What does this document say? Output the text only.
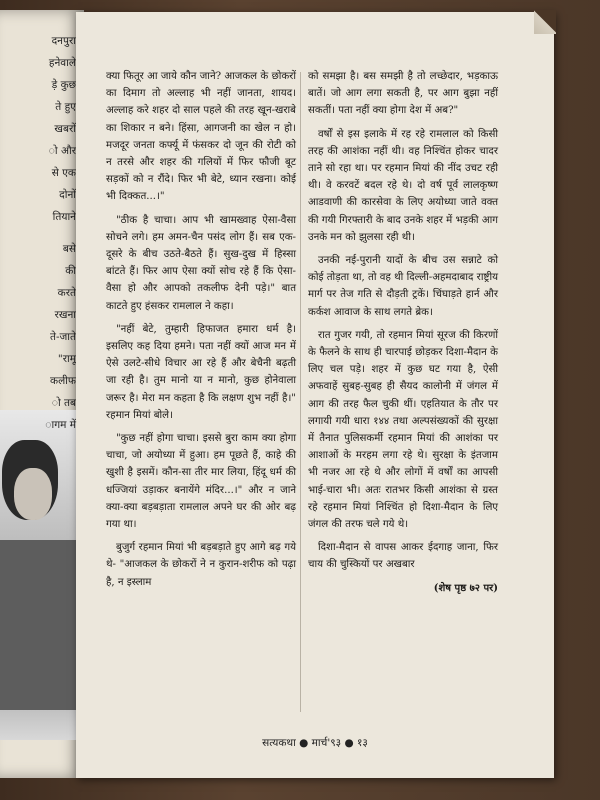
दनपुरा
हनेवाले
ड़े कुछ
ते हुए
खबरों
ो और
से एक
दोनों
तियाने
बसे
की
करते
रखना
ते-जाते
"रामू
कलीफ
ो तब
ागम में

क्या फितूर आ जाये कौन जाने? आजकल के छोकरों का दिमाग तो अल्लाह भी नहीं जानता, शायद। अल्लाह करे शहर दो साल पहले की तरह खून-खराबे का शिकार न बने। हिंसा, आगजनी का खेल न हो। मजदूर जनता कर्फ्यू में फंसकर दो जून की रोटी को न तरसे और शहर की गलियों में फिर फौजी बूट सड़कों को न रौंदे। फिर भी बेटे, ध्यान रखना। कोई भी दिक्कत...।"

"ठीक है चाचा। आप भी खामख्वाह ऐसा-वैसा सोचने लगे। हम अमन-चैन पसंद लोग हैं। सब एक-दूसरे के बीच उठते-बैठते हैं। सुख-दुख में हिस्सा बांटते हैं। फिर आप ऐसा क्यों सोच रहे हैं कि ऐसा-वैसा हो और आपको तकलीफ देनी पड़े।" बात काटते हुए हंसकर रामलाल ने कहा।

"नहीं बेटे, तुम्हारी हिफाजत हमारा धर्म है। इसलिए कह दिया हमने। पता नहीं क्यों आज मन में ऐसे उलटे-सीधे विचार आ रहे हैं और बेचैनी बढ़ती जा रही है। तुम मानो या न मानो, कुछ होनेवाला जरूर है। मेरा मन कहता है कि लक्षण शुभ नहीं है।" रहमान मियां बोले।

"कुछ नहीं होगा चाचा। इससे बुरा काम क्या होगा चाचा, जो अयोध्या में हुआ। हम पूछते हैं, काहे की खुशी है इसमें। कौन-सा तीर मार लिया, हिंदू धर्म की धज्जियां उड़ाकर बनायेंगे मंदिर...।" और न जाने क्या-क्या बड़बड़ाता रामलाल अपने घर की ओर बढ़ गया था।

बुजुर्ग रहमान मियां भी बड़बड़ाते हुए आगे बढ़ गये थे- "आजकल के छोकरों ने न कुरान-शरीफ को पढ़ा है, न इस्लाम

को समझा है। बस समझी है तो लच्छेदार, भड़काऊ बातें। जो आग लगा सकती है, पर आग बुझा नहीं सकतीं। पता नहीं क्या होगा देश में अब?"

वर्षों से इस इलाके में रह रहे रामलाल को किसी तरह की आशंका नहीं थी। वह निश्चिंत होकर चादर ताने सो रहा था। पर रहमान मियां की नींद उचट रही थी। वे करवटें बदल रहे थे। दो वर्ष पूर्व लालकृष्ण आडवाणी की कारसेवा के लिए अयोध्या जाते वक्त की गयी गिरफ्तारी के बाद उनके शहर में भड़की आग उनके मन को झुलसा रही थी।

उनकी नई-पुरानी यादों के बीच उस सन्नाटे को कोई तोड़ता था, तो वह थी दिल्ली-अहमदाबाद राष्ट्रीय मार्ग पर तेज गति से दौड़ती ट्रकें। चिंघाड़ते हार्न और कर्कश आवाज के साथ लगते ब्रेक।

रात गुजर गयी, तो रहमान मियां सूरज की किरणों के फैलने के साथ ही चारपाई छोड़कर दिशा-मैदान के लिए चल पड़े। शहर में कुछ घट गया है, ऐसी अफवाहें सुबह-सुबह ही सैयद कालोनी में जंगल में आग की तरह फैल चुकी थीं। एहतियात के तौर पर लगायी गयी धारा १४४ तथा अल्पसंख्यकों की सुरक्षा में तैनात पुलिसकर्मी रहमान मियां की आशंका पर आशाओं के मरहम लगा रहे थे। सुरक्षा के इंतजाम भी नजर आ रहे थे और लोगों में वर्षों का आपसी भाई-चारा भी। अतः रातभर किसी आशंका से ग्रस्त रहे रहमान मियां निश्चिंत हो दिशा-मैदान के लिए जंगल की तरफ चले गये थे।

दिशा-मैदान से वापस आकर ईदगाह जाना, फिर चाय की चुस्कियों पर अखबार

(शेष पृष्ठ ७२ पर)
सत्यकथा ● मार्च'९३ ● १३
